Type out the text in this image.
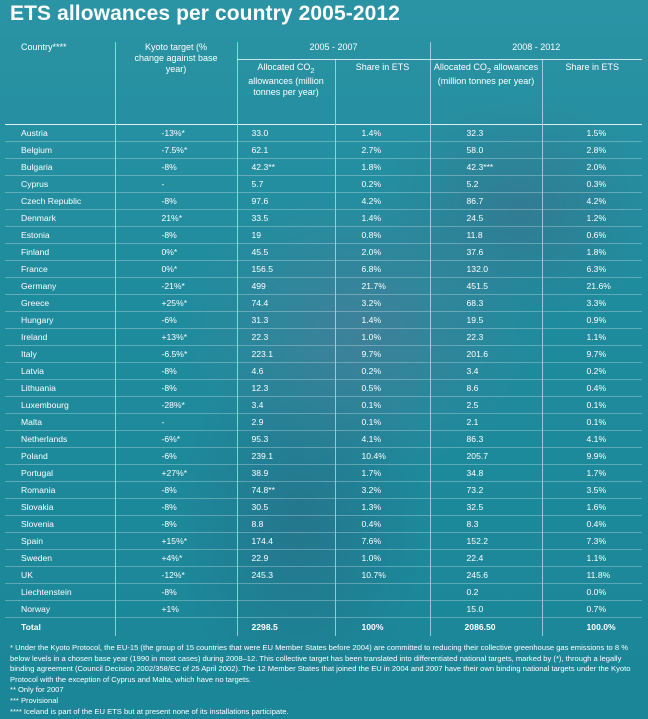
ETS allowances per country 2005-2012
Country****	Kyoto target (% change against base year)	2005 - 2007		2008 - 2012	
		Allocated $CO_2$ allowances (million tonnes per year)	Share in ETS	Allocated $CO_2$ allowances (million tonnes per year)	Share in ETS
Austria	-13%*	33.0	1.4%	32.3	1.5%
Belgium	-7.5%*	62.1	2.7%	58.0	2.8%
Bulgaria	-8%	42.3**	1.8%	42.3***	2.0%
Cyprus	-	5.7	0.2%	5.2	0.3%
Czech Republic	-8%	97.6	4.2%	86.7	4.2%
Denmark	21%*	33.5	1.4%	24.5	1.2%
Estonia	-8%	19	0.8%	11.8	0.6%
Finland	0%*	45.5	2.0%	37.6	1.8%
France	0%*	156.5	6.8%	132.0	6.3%
Germany	-21%*	499	21.7%	451.5	21.6%
Greece	+25%*	74.4	3.2%	68.3	3.3%
Hungary	-6%	31.3	1.4%	19.5	0.9%
Ireland	+13%*	22.3	1.0%	22.3	1.1%
Italy	-6.5%*	223.1	9.7%	201.6	9.7%
Latvia	-8%	4.6	0.2%	3.4	0.2%
Lithuania	-8%	12.3	0.5%	8.6	0.4%
Luxembourg	-28%*	3.4	0.1%	2.5	0.1%
Malta	-	2.9	0.1%	2.1	0.1%
Netherlands	-6%*	95.3	4.1%	86.3	4.1%
Poland	-6%	239.1	10.4%	205.7	9.9%
Portugal	+27%*	38.9	1.7%	34.8	1.7%
Romania	-8%	74.8**	3.2%	73.2	3.5%
Slovakia	-8%	30.5	1.3%	32.5	1.6%
Slovenia	-8%	8.8	0.4%	8.3	0.4%
Spain	+15%*	174.4	7.6%	152.2	7.3%
Sweden	+4%*	22.9	1.0%	22.4	1.1%
UK	-12%*	245.3	10.7%	245.6	11.8%
Liechtenstein	-8%			0.2	0.0%
Norway	+1%			15.0	0.7%
Total		2298.5	100%	2086.50	100.0%
* Under the Kyoto Protocol, the EU-15 (the group of 15 countries that were EU Member States before 2004) are committed to reducing their collective greenhouse gas emissions to 8 % below levels in a chosen base year (1990 in most cases) during 2008–12. This collective target has been translated into differentiated national targets, marked by (*), through a legally binding agreement (Council Decision 2002/358/EC of 25 April 2002). The 12 Member States that joined the EU in 2004 and 2007 have their own binding national targets under the Kyoto Protocol with the exception of Cyprus and Malta, which have no targets.
** Only for 2007
*** Provisional
**** Iceland is part of the EU ETS but at present none of its installations participate.
